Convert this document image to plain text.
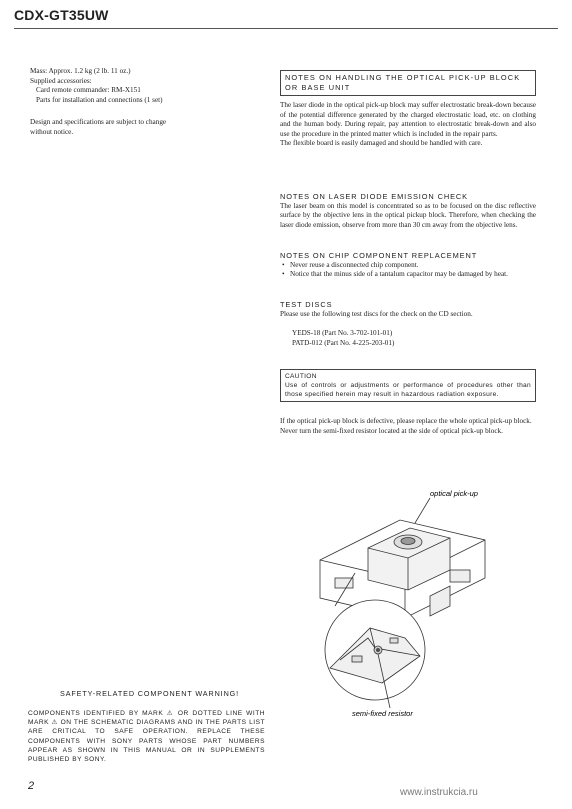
CDX-GT35UW
Mass: Approx. 1.2 kg (2 lb. 11 oz.)
Supplied accessories:
Card remote commander: RM-X151
Parts for installation and connections (1 set)
Design and specifications are subject to change without notice.
NOTES ON HANDLING THE OPTICAL PICK-UP BLOCK OR BASE UNIT
The laser diode in the optical pick-up block may suffer electrostatic break-down because of the potential difference generated by the charged electrostatic load, etc. on clothing and the human body. During repair, pay attention to electrostatic break-down and also use the procedure in the printed matter which is included in the repair parts.
The flexible board is easily damaged and should be handled with care.
NOTES ON LASER DIODE EMISSION CHECK
The laser beam on this model is concentrated so as to be focused on the disc reflective surface by the objective lens in the optical pickup block. Therefore, when checking the laser diode emission, observe from more than 30 cm away from the objective lens.
NOTES ON CHIP COMPONENT REPLACEMENT
• Never reuse a disconnected chip component.
• Notice that the minus side of a tantalum capacitor may be damaged by heat.
TEST DISCS
Please use the following test discs for the check on the CD section.
YEDS-18 (Part No. 3-702-101-01)
PATD-012 (Part No. 4-225-203-01)
CAUTION
Use of controls or adjustments or performance of procedures other than those specified herein may result in hazardous radiation exposure.
If the optical pick-up block is defective, please replace the whole optical pick-up block.
Never turn the semi-fixed resistor located at the side of optical pick-up block.
optical pick-up
semi-fixed resistor
SAFETY-RELATED COMPONENT WARNING!
COMPONENTS IDENTIFIED BY MARK ⚠ OR DOTTED LINE WITH MARK ⚠ ON THE SCHEMATIC DIAGRAMS AND IN THE PARTS LIST ARE CRITICAL TO SAFE OPERATION. REPLACE THESE COMPONENTS WITH SONY PARTS WHOSE PART NUMBERS APPEAR AS SHOWN IN THIS MANUAL OR IN SUPPLEMENTS PUBLISHED BY SONY.
2
www.instrukcia.ru
